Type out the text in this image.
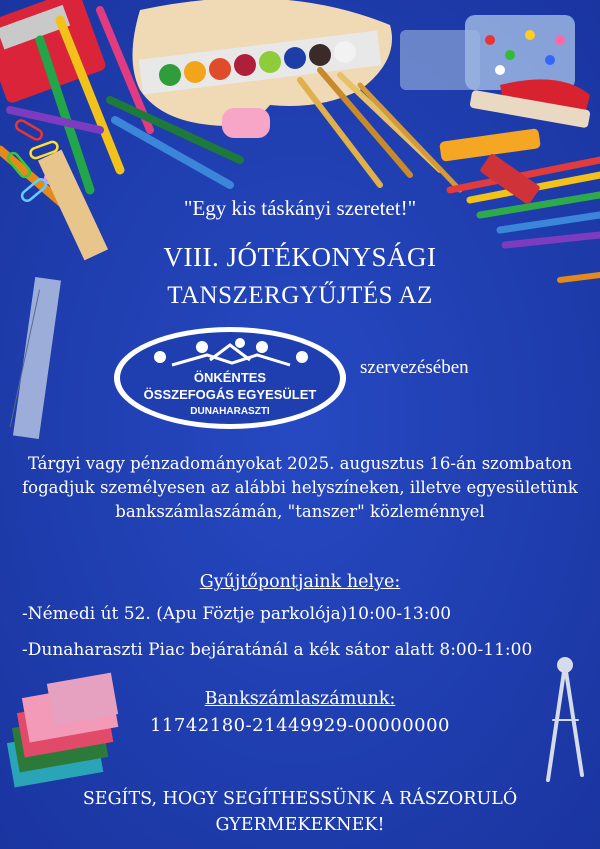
ÖNKÉNTES
ÖSSZEFOGÁS EGYESÜLET
DUNAHARASZTI
"Egy kis táskányi szeretet!"
VIII. JÓTÉKONYSÁGI
TANSZERGYŰJTÉS AZ
szervezésében
Tárgyi vagy pénzadományokat 2025. augusztus 16-án szombaton fogadjuk személyesen az alábbi helyszíneken, illetve egyesületünk bankszámlaszámán, "tanszer" közleménnyel
Gyűjtőpontjaink helye:
-Némedi út 52. (Apu Föztje parkolója)10:00-13:00
-Dunaharaszti Piac bejáratánál a kék sátor alatt 8:00-11:00
Bankszámlaszámunk:
11742180-21449929-00000000
SEGÍTS, HOGY SEGÍTHESSÜNK A RÁSZORULÓ GYERMEKEKNEK!
